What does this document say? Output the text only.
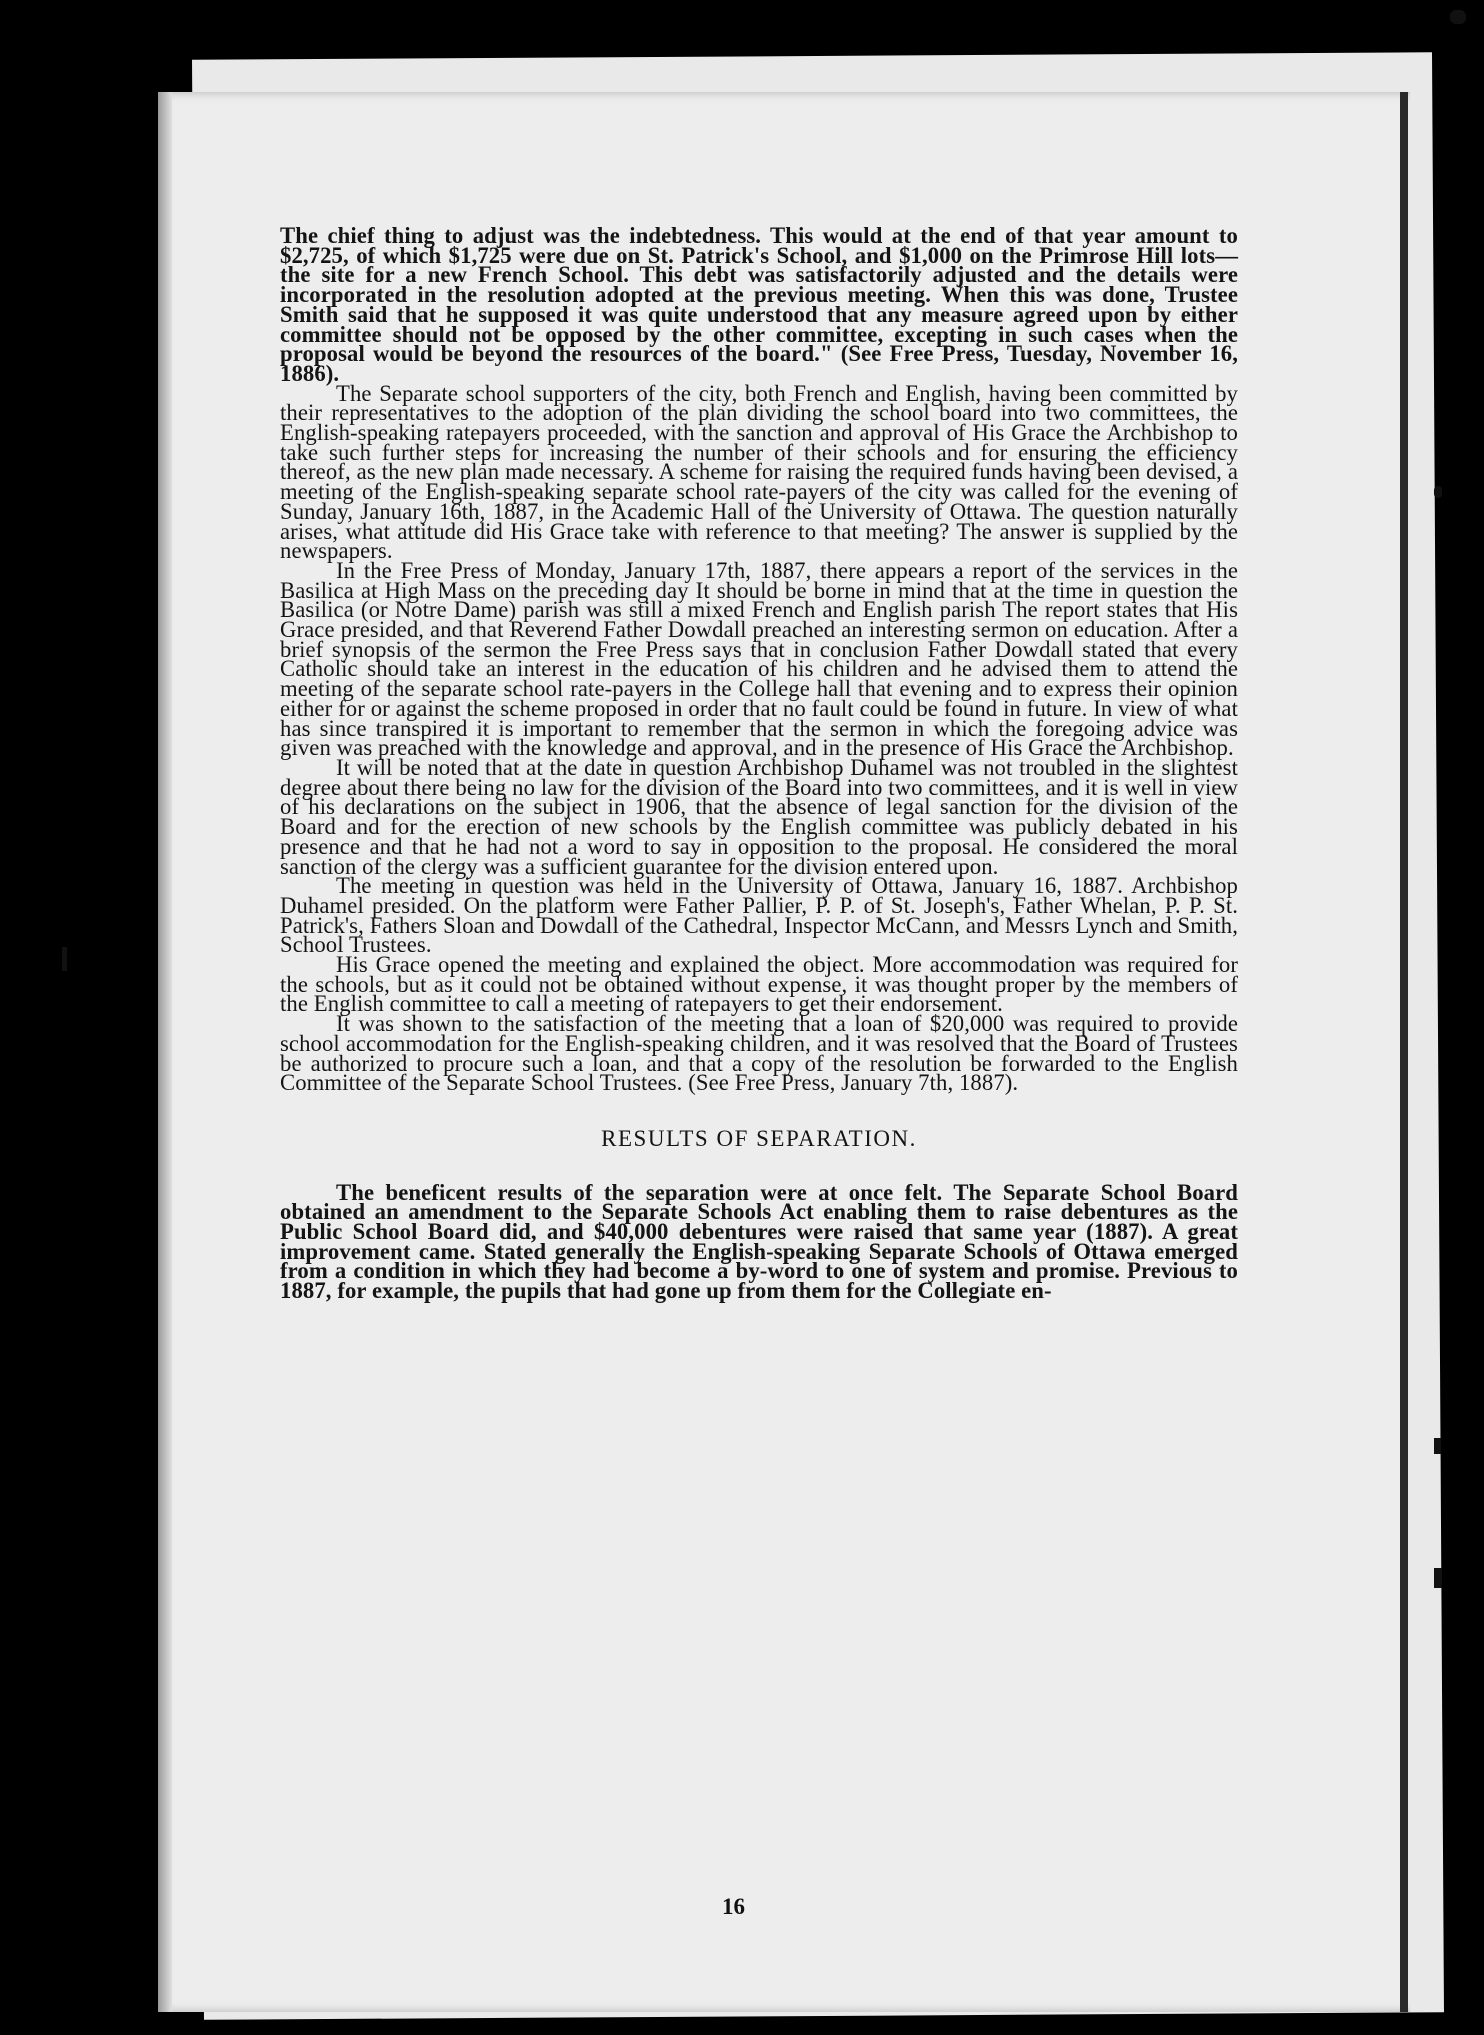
The chief thing to adjust was the indebtedness. This would at the end of that year amount to $2,725, of which $1,725 were due on St. Patrick's School, and $1,000 on the Primrose Hill lots—the site for a new French School. This debt was satisfactorily adjusted and the details were incorporated in the resolution adopted at the previous meeting. When this was done, Trustee Smith said that he supposed it was quite understood that any measure agreed upon by either committee should not be opposed by the other committee, excepting in such cases when the proposal would be beyond the resources of the board." (See Free Press, Tuesday, November 16, 1886).

The Separate school supporters of the city, both French and English, having been committed by their representatives to the adoption of the plan dividing the school board into two committees, the English-speaking ratepayers proceeded, with the sanction and approval of His Grace the Archbishop to take such further steps for increasing the number of their schools and for ensuring the efficiency thereof, as the new plan made necessary. A scheme for raising the required funds having been devised, a meeting of the English-speaking separate school rate-payers of the city was called for the evening of Sunday, January 16th, 1887, in the Academic Hall of the University of Ottawa. The question naturally arises, what attitude did His Grace take with reference to that meeting? The answer is supplied by the newspapers.

In the Free Press of Monday, January 17th, 1887, there appears a report of the services in the Basilica at High Mass on the preceding day It should be borne in mind that at the time in question the Basilica (or Notre Dame) parish was still a mixed French and English parish The report states that His Grace presided, and that Reverend Father Dowdall preached an interesting sermon on education. After a brief synopsis of the sermon the Free Press says that in conclusion Father Dowdall stated that every Catholic should take an interest in the education of his children and he advised them to attend the meeting of the separate school rate-payers in the College hall that evening and to express their opinion either for or against the scheme proposed in order that no fault could be found in future. In view of what has since transpired it is important to remember that the sermon in which the foregoing advice was given was preached with the knowledge and approval, and in the presence of His Grace the Archbishop.

It will be noted that at the date in question Archbishop Duhamel was not troubled in the slightest degree about there being no law for the division of the Board into two committees, and it is well in view of his declarations on the subject in 1906, that the absence of legal sanction for the division of the Board and for the erection of new schools by the English committee was publicly debated in his presence and that he had not a word to say in opposition to the proposal. He considered the moral sanction of the clergy was a sufficient guarantee for the division entered upon.

The meeting in question was held in the University of Ottawa, January 16, 1887. Archbishop Duhamel presided. On the platform were Father Pallier, P. P. of St. Joseph's, Father Whelan, P. P. St. Patrick's, Fathers Sloan and Dowdall of the Cathedral, Inspector McCann, and Messrs Lynch and Smith, School Trustees.

His Grace opened the meeting and explained the object. More accommodation was required for the schools, but as it could not be obtained without expense, it was thought proper by the members of the English committee to call a meeting of ratepayers to get their endorsement.

It was shown to the satisfaction of the meeting that a loan of $20,000 was required to provide school accommodation for the English-speaking children, and it was resolved that the Board of Trustees be authorized to procure such a loan, and that a copy of the resolution be forwarded to the English Committee of the Separate School Trustees. (See Free Press, January 7th, 1887).

RESULTS OF SEPARATION.

The beneficent results of the separation were at once felt. The Separate School Board obtained an amendment to the Separate Schools Act enabling them to raise debentures as the Public School Board did, and $40,000 debentures were raised that same year (1887). A great improvement came. Stated generally the English-speaking Separate Schools of Ottawa emerged from a condition in which they had become a by-word to one of system and promise. Previous to 1887, for example, the pupils that had gone up from them for the Collegiate en-

16
